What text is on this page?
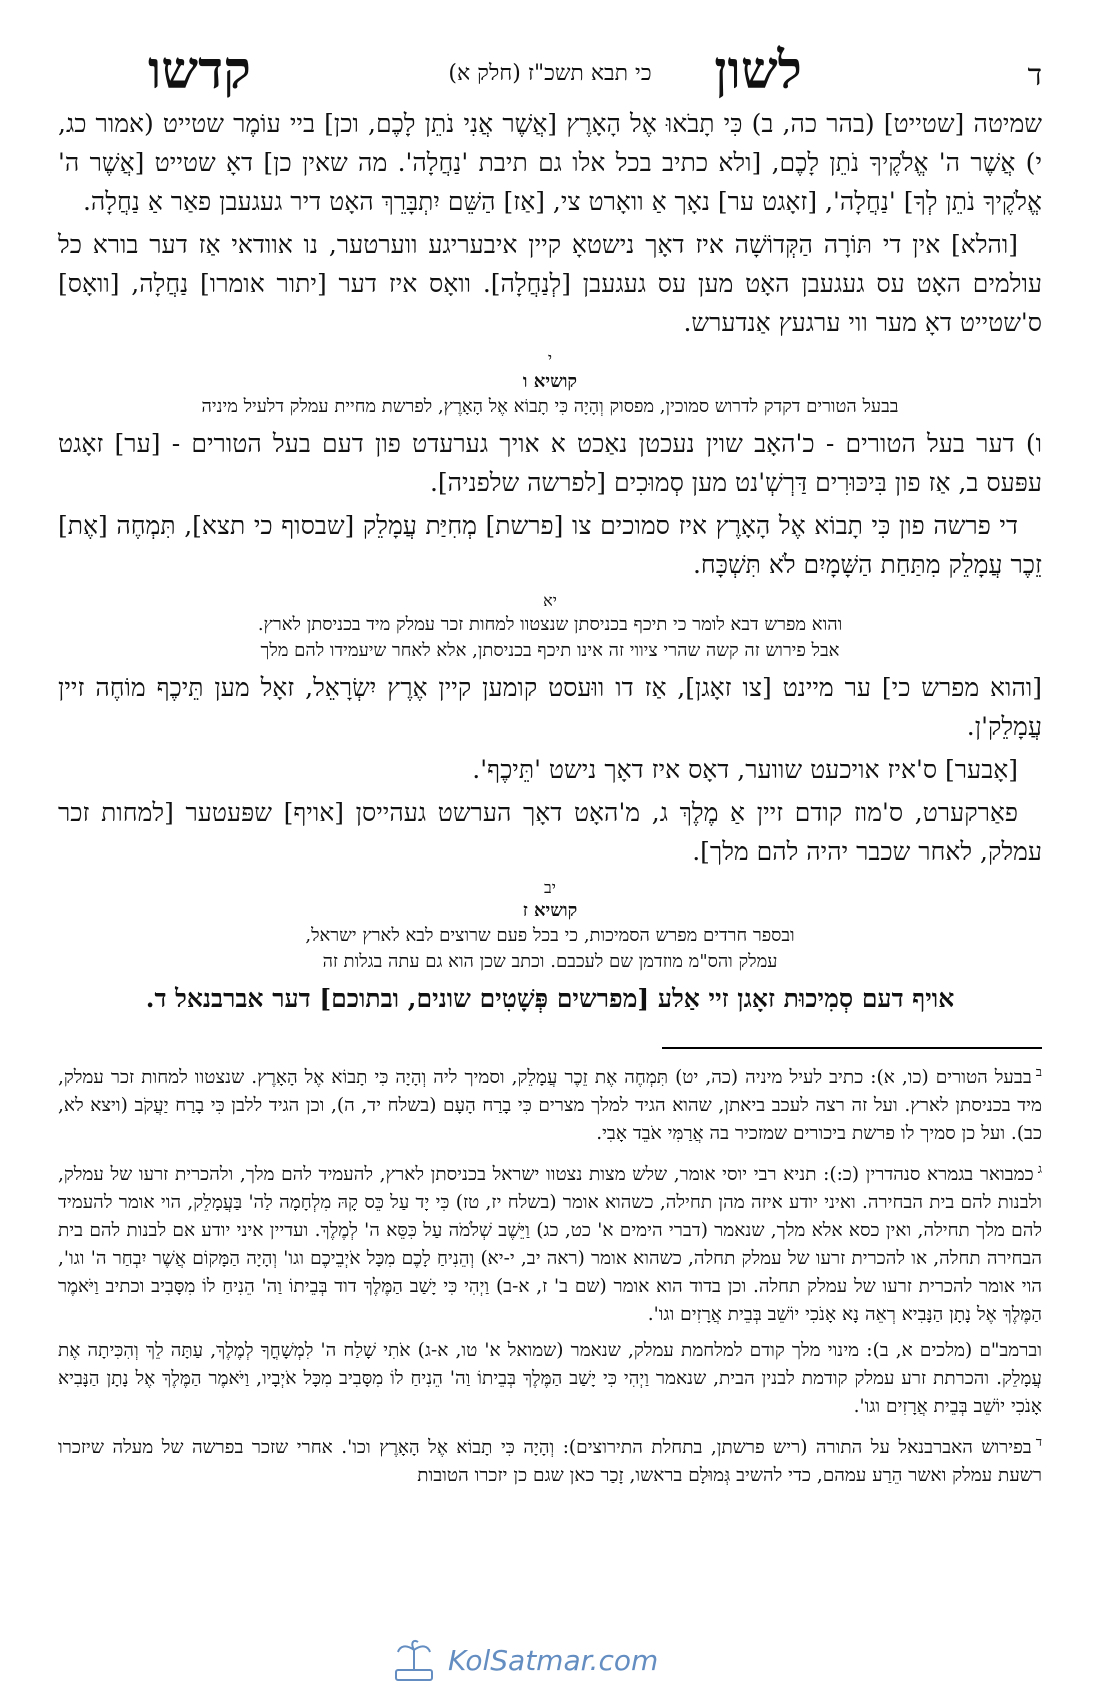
ד
לשון
כי תבא תשכ"ז (חלק א)
קדשו

שמיטה [שטייט] (בהר כה, ב) כִּי תָבֹאוּ אֶל הָאָרֶץ [אֲשֶׁר אֲנִי נֹתֵן לָכֶם, וכן] ביי עוֹמֶר שטייט (אמור כג, י) אֲשֶׁר ה' אֱלֹקֶיךָ נֹתֵן לָכֶם, [ולא כתיב בכל אלו גם תיבת 'נַחֲלָה'. מה שאין כן] דאָ שטייט [אֲשֶׁר ה' אֱלֹקֶיךָ נֹתֵן לְךָ] 'נַחֲלָה', [זאָגט ער] נאָך אַ וואָרט צי, [אַז] הַשֵּׁם יִתְבָּרֵךְ האָט דיר געגעבן פאַר אַ נַחֲלָה.

[והלא] אין די תּוֹרָה הַקְּדוֹשָׁה איז דאָך נישטאָ קיין איבעריגע ווערטער, נו אוודאי אַז דער בורא כל עולמים האָט עס געגעבן האָט מען עס געגעבן [לְנַחֲלָה]. וואָס איז דער [יתור אומרו] נַחֲלָה, [וואָס] ס'שטייט דאָ מער ווי ערגעץ אַנדערש.

י
קושיא ו

בבעל הטורים דקדק לדרוש סמוכין, מפסוק וְהָיָה כִּי תָבוֹא אֶל הָאָרֶץ, לפרשת מחיית עמלק דלעיל מיניה

ו) דער בעל הטורים - כ'האָב שוין נעכטן נאַכט א אויך גערעדט פון דעם בעל הטורים - [ער] זאָגט עפּעס ב, אַז פון בִּיכּוּרִים דַּרְשְׁ'נט מען סְמוּכִים [לפרשה שלפניה].

די פרשה פון כִּי תָבוֹא אֶל הָאָרֶץ איז סמוכים צו [פרשת] מְחִיַּת עֲמָלֵק [שבסוף כי תצא], תִּמְחֶה [אֶת] זֵכֶר עֲמָלֵק מִתַּחַת הַשָּׁמָיִם לֹא תִּשְׁכָּח.

יא

והוא מפרש דבא לומר כי תיכף בכניסתן שנצטוו למחות זכר עמלק מיד בכניסתן לארץ.

אבל פירוש זה קשה שהרי ציווי זה אינו תיכף בכניסתן, אלא לאחר שיעמידו להם מלך

[והוא מפרש כי] ער מיינט [צו זאָגן], אַז דו ווּעסט קומען קיין אֶרֶץ יִשְׂרָאֵל, זאָל מען תֵּיכֶף מוֹחֶה זיין עֲמָלֵק'ן.

[אָבער] ס'איז אויכעט שווער, דאָס איז דאָך נישט 'תֵּיכֶף'.

פאַרקערט, ס'מוז קודם זיין אַ מֶלֶךְ ג, מ'האָט דאָך הערשט געהייסן [אויף] שפּעטער [למחות זכר עמלק, לאחר שכבר יהיה להם מלך].

יב
קושיא ז

ובספר חרדים מפרש הסמיכות, כי בכל פעם שרוצים לבא לארץ ישראל,

עמלק והס"מ מוזדמן שם לעכבם. וכתב שכן הוא גם עתה בגלות זה

אויף דעם סְמִיכוּת זאָגן זיי אַלע [מפרשים פְּשָׁטִים שונים, ובתוכם] דער אברבנאל ד.

$^ב$בבעל הטורים (כו, א): כתיב לעיל מיניה (כה, יט) תִּמְחֶה אֶת זֵכֶר עֲמָלֵק, וסמיך ליה וְהָיָה כִּי תָבוֹא אֶל הָאָרֶץ. שנצטוו למחות זכר עמלק, מיד בכניסתן לארץ. ועל זה רצה לעכב ביאתן, שהוא הגיד למלך מצרים כִּי בָרַח הָעָם (בשלח יד, ה), וכן הגיד ללבן כִּי בָרַח יַעֲקֹב (ויצא לא, כב). ועל כן סמיך לו פרשת ביכורים שמזכיר בה אֲרַמִּי אֹבֵד אָבִי.

$^ג$כמבואר בגמרא סנהדרין (כ:): תניא רבי יוסי אומר, שלש מצות נצטוו ישראל בכניסתן לארץ, להעמיד להם מלך, ולהכרית זרעו של עמלק, ולבנות להם בית הבחירה. ואיני יודע איזה מהן תחילה, כשהוא אומר (בשלח יז, טז) כִּי יָד עַל כֵּס קָהּ מִלְחָמָה לַה' בַּעֲמָלֵק, הוי אומר להעמיד להם מלך תחילה, ואין כסא אלא מלך, שנאמר (דברי הימים א' כט, כג) וַיֵּשֶׁב שְׁלֹמֹה עַל כִּסֵּא ה' לְמֶלֶךְ. ועדיין איני יודע אם לבנות להם בית הבחירה תחלה, או להכרית זרעו של עמלק תחלה, כשהוא אומר (ראה יב, י-יא) וְהֵנִיחַ לָכֶם מִכָּל אֹיְבֵיכֶם וגו' וְהָיָה הַמָּקוֹם אֲשֶׁר יִבְחַר ה' וגו', הוי אומר להכרית זרעו של עמלק תחלה. וכן בדוד הוא אומר (שם ב' ז, א-ב) וַיְהִי כִּי יָשַׁב הַמֶּלֶךְ דוד בְּבֵיתוֹ וַה' הֵנִיחַ לוֹ מִסָּבִיב וכתיב וַיֹּאמֶר הַמֶּלֶךְ אֶל נָתָן הַנָּבִיא רְאֵה נָא אָנֹכִי יוֹשֵׁב בְּבֵית אֲרָזִים וגו'.

וברמב"ם (מלכים א, ב): מינוי מלך קודם למלחמת עמלק, שנאמר (שמואל א' טו, א-ג) אֹתִי שָׁלַח ה' לִמְשָׁחֳךָ לְמֶלֶךְ, עַתָּה לֵךְ וְהִכִּיתָה אֶת עֲמָלֵק. והכרתת זרע עמלק קודמת לבנין הבית, שנאמר וַיְהִי כִּי יָשַׁב הַמֶּלֶךְ בְּבֵיתוֹ וַה' הֵנִיחַ לוֹ מִסָּבִיב מִכָּל אֹיְבָיו, וַיֹּאמֶר הַמֶּלֶךְ אֶל נָתָן הַנָּבִיא אָנֹכִי יוֹשֵׁב בְּבֵית אֲרָזִים וגו'.

$^ד$בפירוש האברבנאל על התורה (ריש פרשתן, בתחלת התירוצים): וְהָיָה כִּי תָבוֹא אֶל הָאָרֶץ וכו'. אחרי שזכר בפרשה של מעלה שיזכרו רשעת עמלק ואשר הֵרַע עמהם, כדי להשיב גְּמוּלָם בראשו, זָכַר כאן שגם כן יזכרו הטובות

KolSatmar.com
